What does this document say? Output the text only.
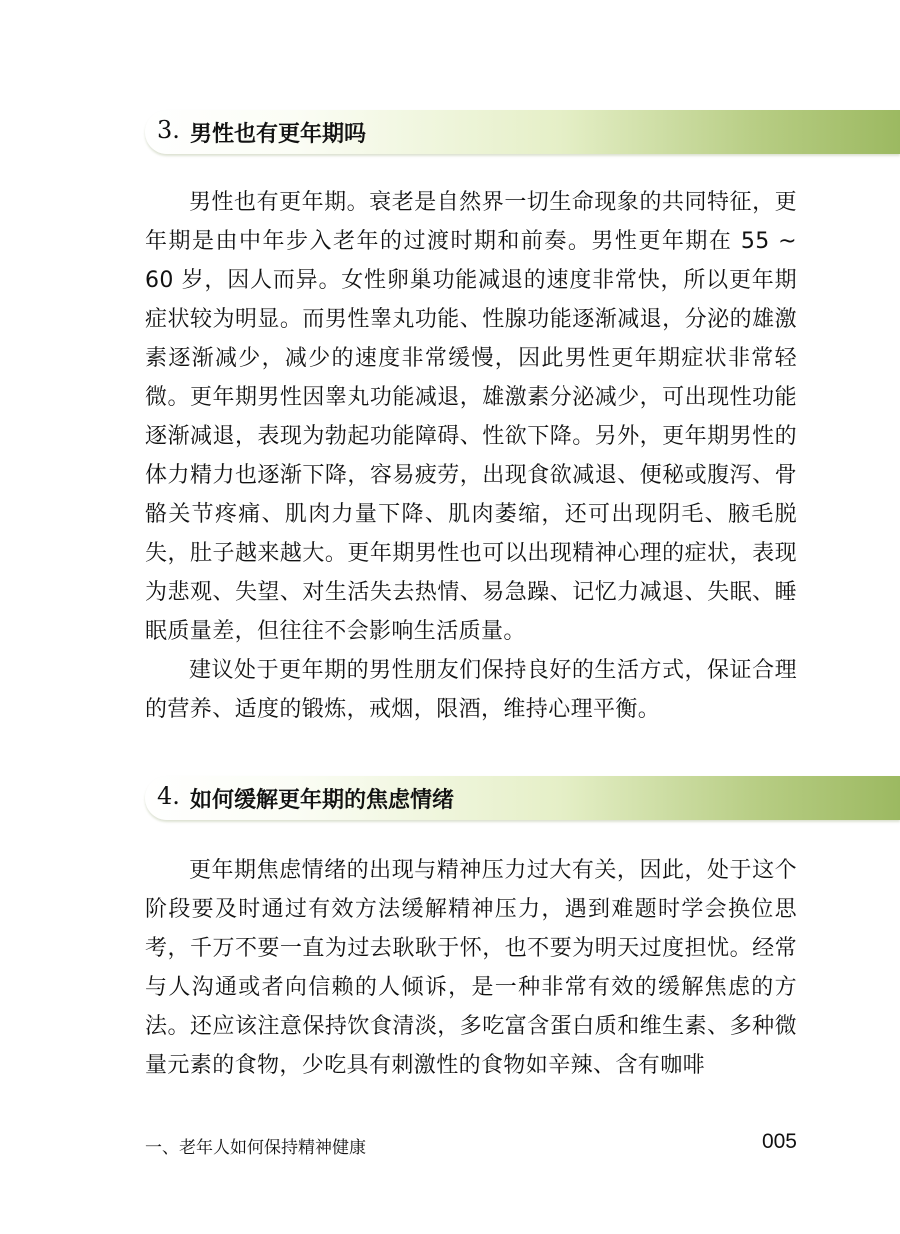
3. 男性也有更年期吗

男性也有更年期。衰老是自然界一切生命现象的共同特征，更年期是由中年步入老年的过渡时期和前奏。男性更年期在 55 ~ 60 岁，因人而异。女性卵巢功能减退的速度非常快，所以更年期症状较为明显。而男性睾丸功能、性腺功能逐渐减退，分泌的雄激素逐渐减少，减少的速度非常缓慢，因此男性更年期症状非常轻微。更年期男性因睾丸功能减退，雄激素分泌减少，可出现性功能逐渐减退，表现为勃起功能障碍、性欲下降。另外，更年期男性的体力精力也逐渐下降，容易疲劳，出现食欲减退、便秘或腹泻、骨骼关节疼痛、肌肉力量下降、肌肉萎缩，还可出现阴毛、腋毛脱失，肚子越来越大。更年期男性也可以出现精神心理的症状，表现为悲观、失望、对生活失去热情、易急躁、记忆力减退、失眠、睡眠质量差，但往往不会影响生活质量。

建议处于更年期的男性朋友们保持良好的生活方式，保证合理的营养、适度的锻炼，戒烟，限酒，维持心理平衡。

4. 如何缓解更年期的焦虑情绪

更年期焦虑情绪的出现与精神压力过大有关，因此，处于这个阶段要及时通过有效方法缓解精神压力，遇到难题时学会换位思考，千万不要一直为过去耿耿于怀，也不要为明天过度担忧。经常与人沟通或者向信赖的人倾诉，是一种非常有效的缓解焦虑的方法。还应该注意保持饮食清淡，多吃富含蛋白质和维生素、多种微量元素的食物，少吃具有刺激性的食物如辛辣、含有咖啡

一、老年人如何保持精神健康	005
